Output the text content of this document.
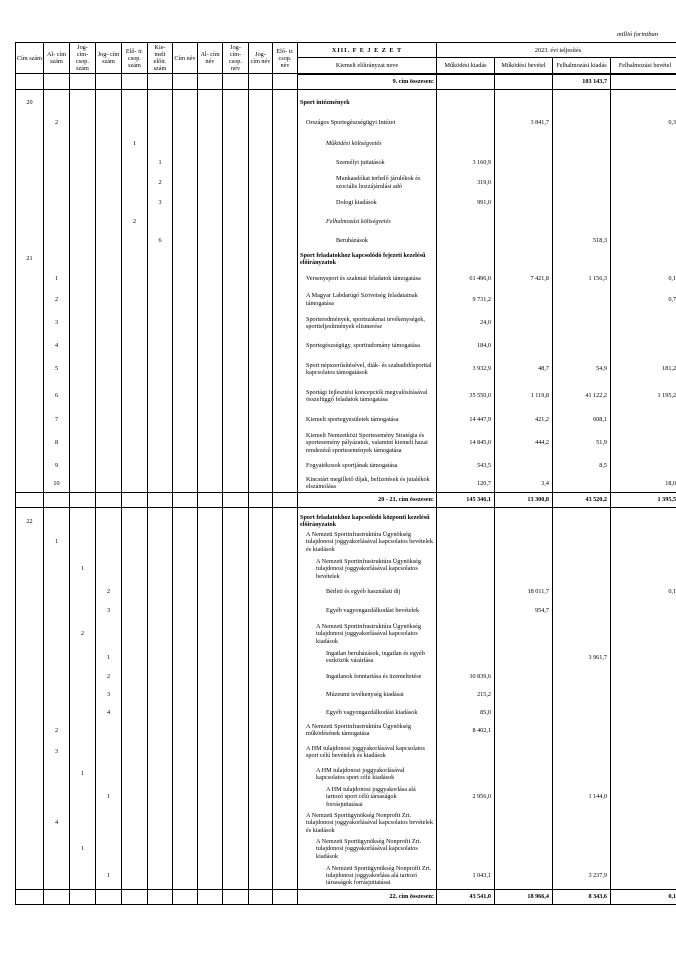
millió forintban
Cím szám	Al- cím szám	Jog- cím- csop. szám	Jog- cím szám	Elő- ir. csop. szám	Kie- melt előir. szám	Cím név	Al- cím név	Jog- cím- csop. név	Jog- cím név	Elő- ir. csop. név	XIII. F E J E Z E T	2023. évi teljesítés			
											Kiemelt előirányzat neve	Működési kiadás	Működési bevétel	Felhalmozási kiadás	Felhalmozási bevétel
											9. cím összesen:			103 143,7	

20											Sport intézmények				
	2										Országos Sportegészségügyi Intézet		3 841,7		0,3
				1							Működési költségvetés				
					1						Személyi juttatások	3 160,9			
					2						Munkaadókat terhelő járulékok és szociális hozzájárulási adó	319,0			
					3						Dologi kiadások	991,0			
				2							Felhalmozási költségvetés				
					6						Beruházások			518,3	
21											Sport feladatokhoz kapcsolódó fejezeti kezelésű előirányzatok				
	1										Versenysport és szakmai feladatok támogatása	61 496,0	7 421,8	1 156,3	0,1
	2										A Magyar Labdarúgó Szövetség feladatainak támogatása	9 731,2			0,7
	3										Sporteredmények, sportszakmai tevékenységek, sportteljesítmények elismerése	24,0			
	4										Sportegészségügy, sporttudomány támogatása	184,0			
	5										Sport népszerűsítésével, diák- és szabadidősporttal kapcsolatos támogatások	3 932,9	48,7	54,9	181,2
	6										Sportági fejlesztési koncepciók megvalósításával összefüggő feladatok támogatása	35 550,0	1 119,8	41 122,2	1 195,2
	7										Kiemelt sportegyesületek támogatása	14 447,9	421,2	608,1	
	8										Kiemelt Nemzetközi Sportesemény Stratégia és sportesemény pályázatok, valamint kiemelt hazai rendezésű sportesemények támogatása	14 845,0	444,2	51,9	
	9										Fogyatékosok sportjának támogatása	543,5		8,5	
	10										Kincstárt megillető díjak, befizetések és jutalékok elszámolása	120,7	3,4		18,0
											20 - 21. cím összesen:	145 346,1	13 300,8	43 520,2	1 395,5

22											Sport feladatokhoz kapcsolódó központi kezelésű előirányzatok				
	1										A Nemzeti Sportinfrastruktúra Ügynökség tulajdonosi joggyakorlásával kapcsolatos bevételek és kiadások				
		1									A Nemzeti Sportinfrastruktúra Ügynökség tulajdonosi joggyakorlásával kapcsolatos bevételek				
			2								Bérleti és egyéb használati díj		18 011,7		0,1
			3								Egyéb vagyongazdálkodási bevételek		954,7		
		2									A Nemzeti Sportinfrastruktúra Ügynökség tulajdonosi joggyakorlásával kapcsolatos kiadások				
			1								Ingatlan beruházások, ingatlan és egyéb eszközök vásárlása			3 961,7	
			2								Ingatlanok fenntartása és üzemeltetése	30 839,6			
			3								Múzeumi tevékenység kiadásai	215,2			
			4								Egyéb vagyongazdálkodási kiadások	85,0			
	2										A Nemzeti Sportinfrastruktúra Ügynökség működésének támogatása	8 402,1			
	3										A HM tulajdonosi joggyakorlásával kapcsolatos sport célú bevételek és kiadások				
		1									A HM tulajdonosi joggyakorlásával kapcsolatos sport célú kiadások				
			1								A HM tulajdonosi joggyakorlása alá tartozó sport célú társaságok forrásjuttatásai	2 956,0		1 144,0	
	4										A Nemzeti Sportügynökség Nonprofit Zrt. tulajdonosi joggyakorlásával kapcsolatos bevételek és kiadások				
		1									A Nemzeti Sportügynökség Nonprofit Zrt. tulajdonosi joggyakorlásával kapcsolatos kiadások				
			1								A Nemzeti Sportügynökség Nonprofit Zrt. tulajdonosi joggyakorlása alá tartozó társaságok forrásjuttatásai	1 043,1		3 237,9	
											22. cím összesen:	43 541,0	18 966,4	8 343,6	0,1
